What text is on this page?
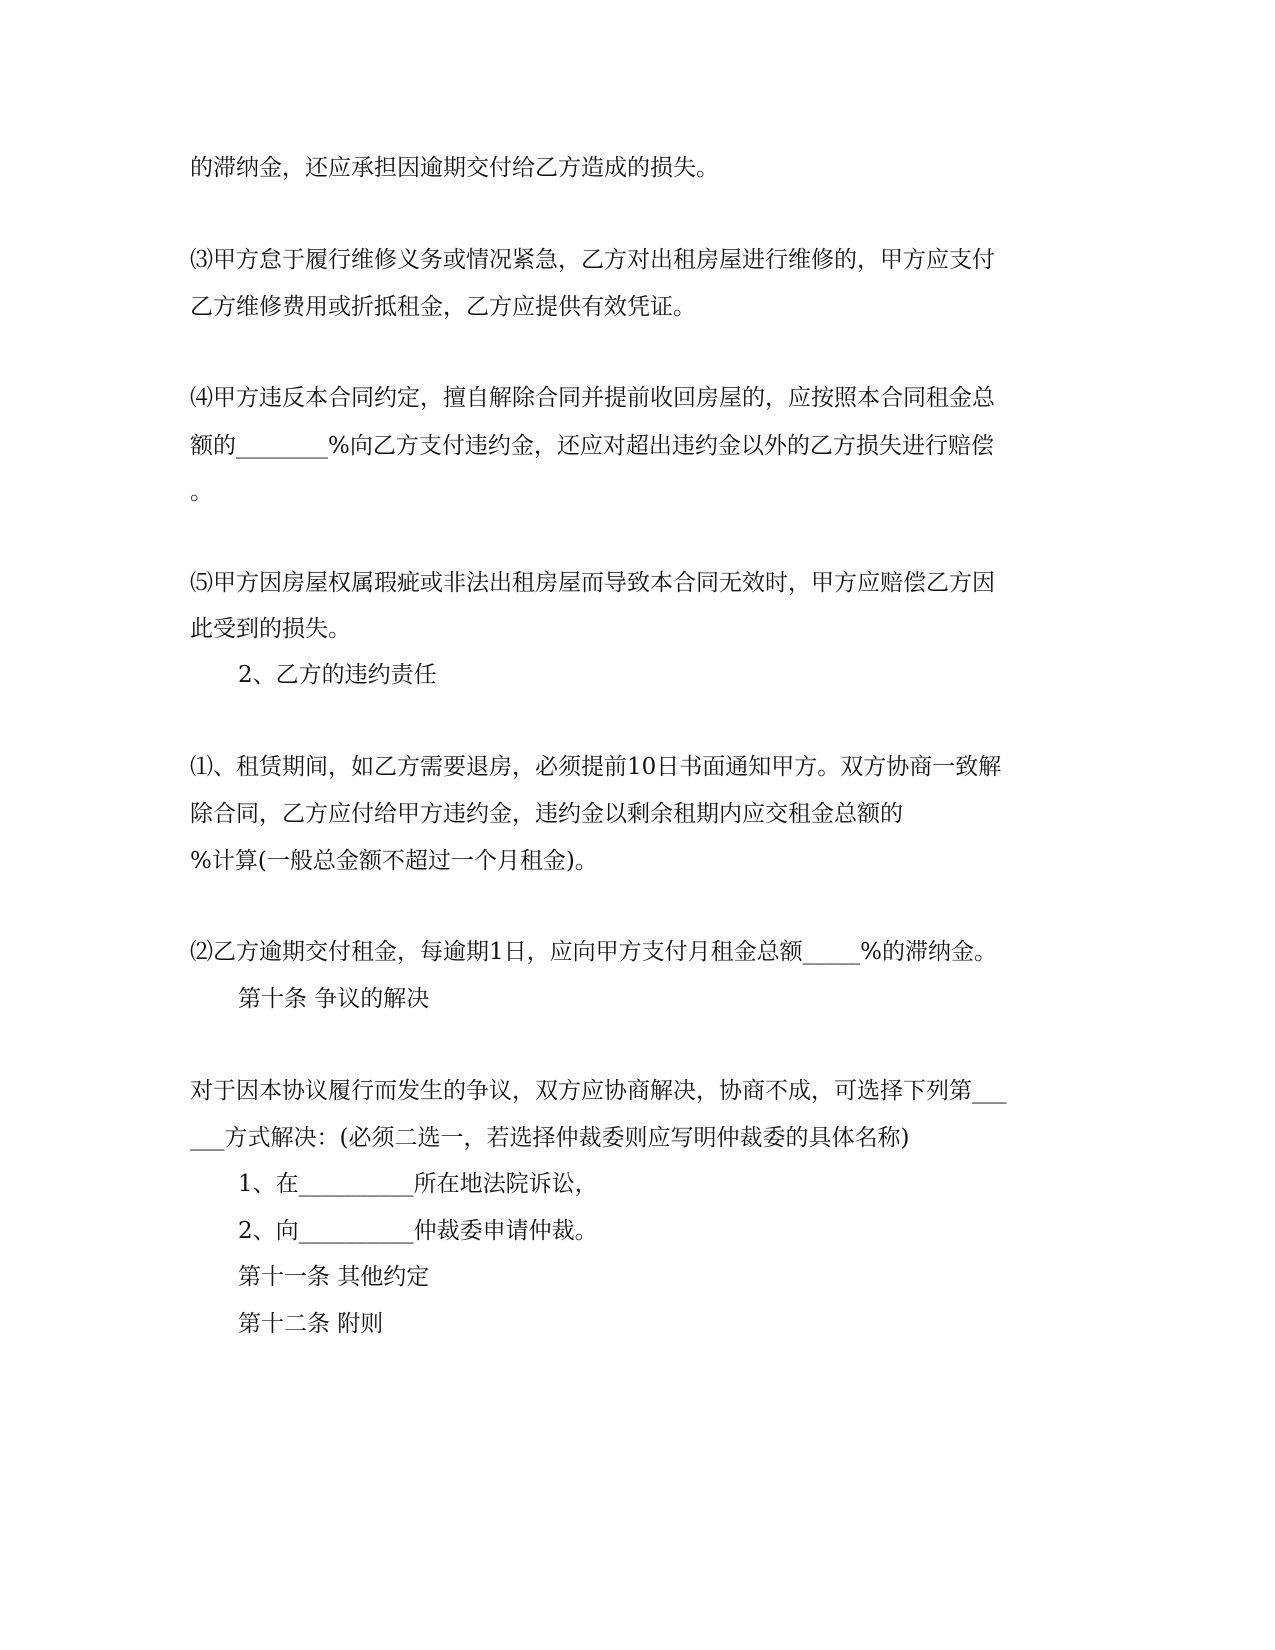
的滞纳金，还应承担因逾期交付给乙方造成的损失。
⑶甲方怠于履行维修义务或情况紧急，乙方对出租房屋进行维修的，甲方应支付
乙方维修费用或折抵租金，乙方应提供有效凭证。
⑷甲方违反本合同约定，擅自解除合同并提前收回房屋的，应按照本合同租金总
额的________%向乙方支付违约金，还应对超出违约金以外的乙方损失进行赔偿
。
⑸甲方因房屋权属瑕疵或非法出租房屋而导致本合同无效时，甲方应赔偿乙方因
此受到的损失。
2、乙方的违约责任
⑴、租赁期间，如乙方需要退房，必须提前10日书面通知甲方。双方协商一致解
除合同，乙方应付给甲方违约金，违约金以剩余租期内应交租金总额的
%计算(一般总金额不超过一个月租金)。
⑵乙方逾期交付租金，每逾期1日，应向甲方支付月租金总额_____%的滞纳金。
第十条 争议的解决
对于因本协议履行而发生的争议，双方应协商解决，协商不成，可选择下列第___
___方式解决：(必须二选一，若选择仲裁委则应写明仲裁委的具体名称)
1、在__________所在地法院诉讼，
2、向__________仲裁委申请仲裁。
第十一条 其他约定
第十二条 附则
